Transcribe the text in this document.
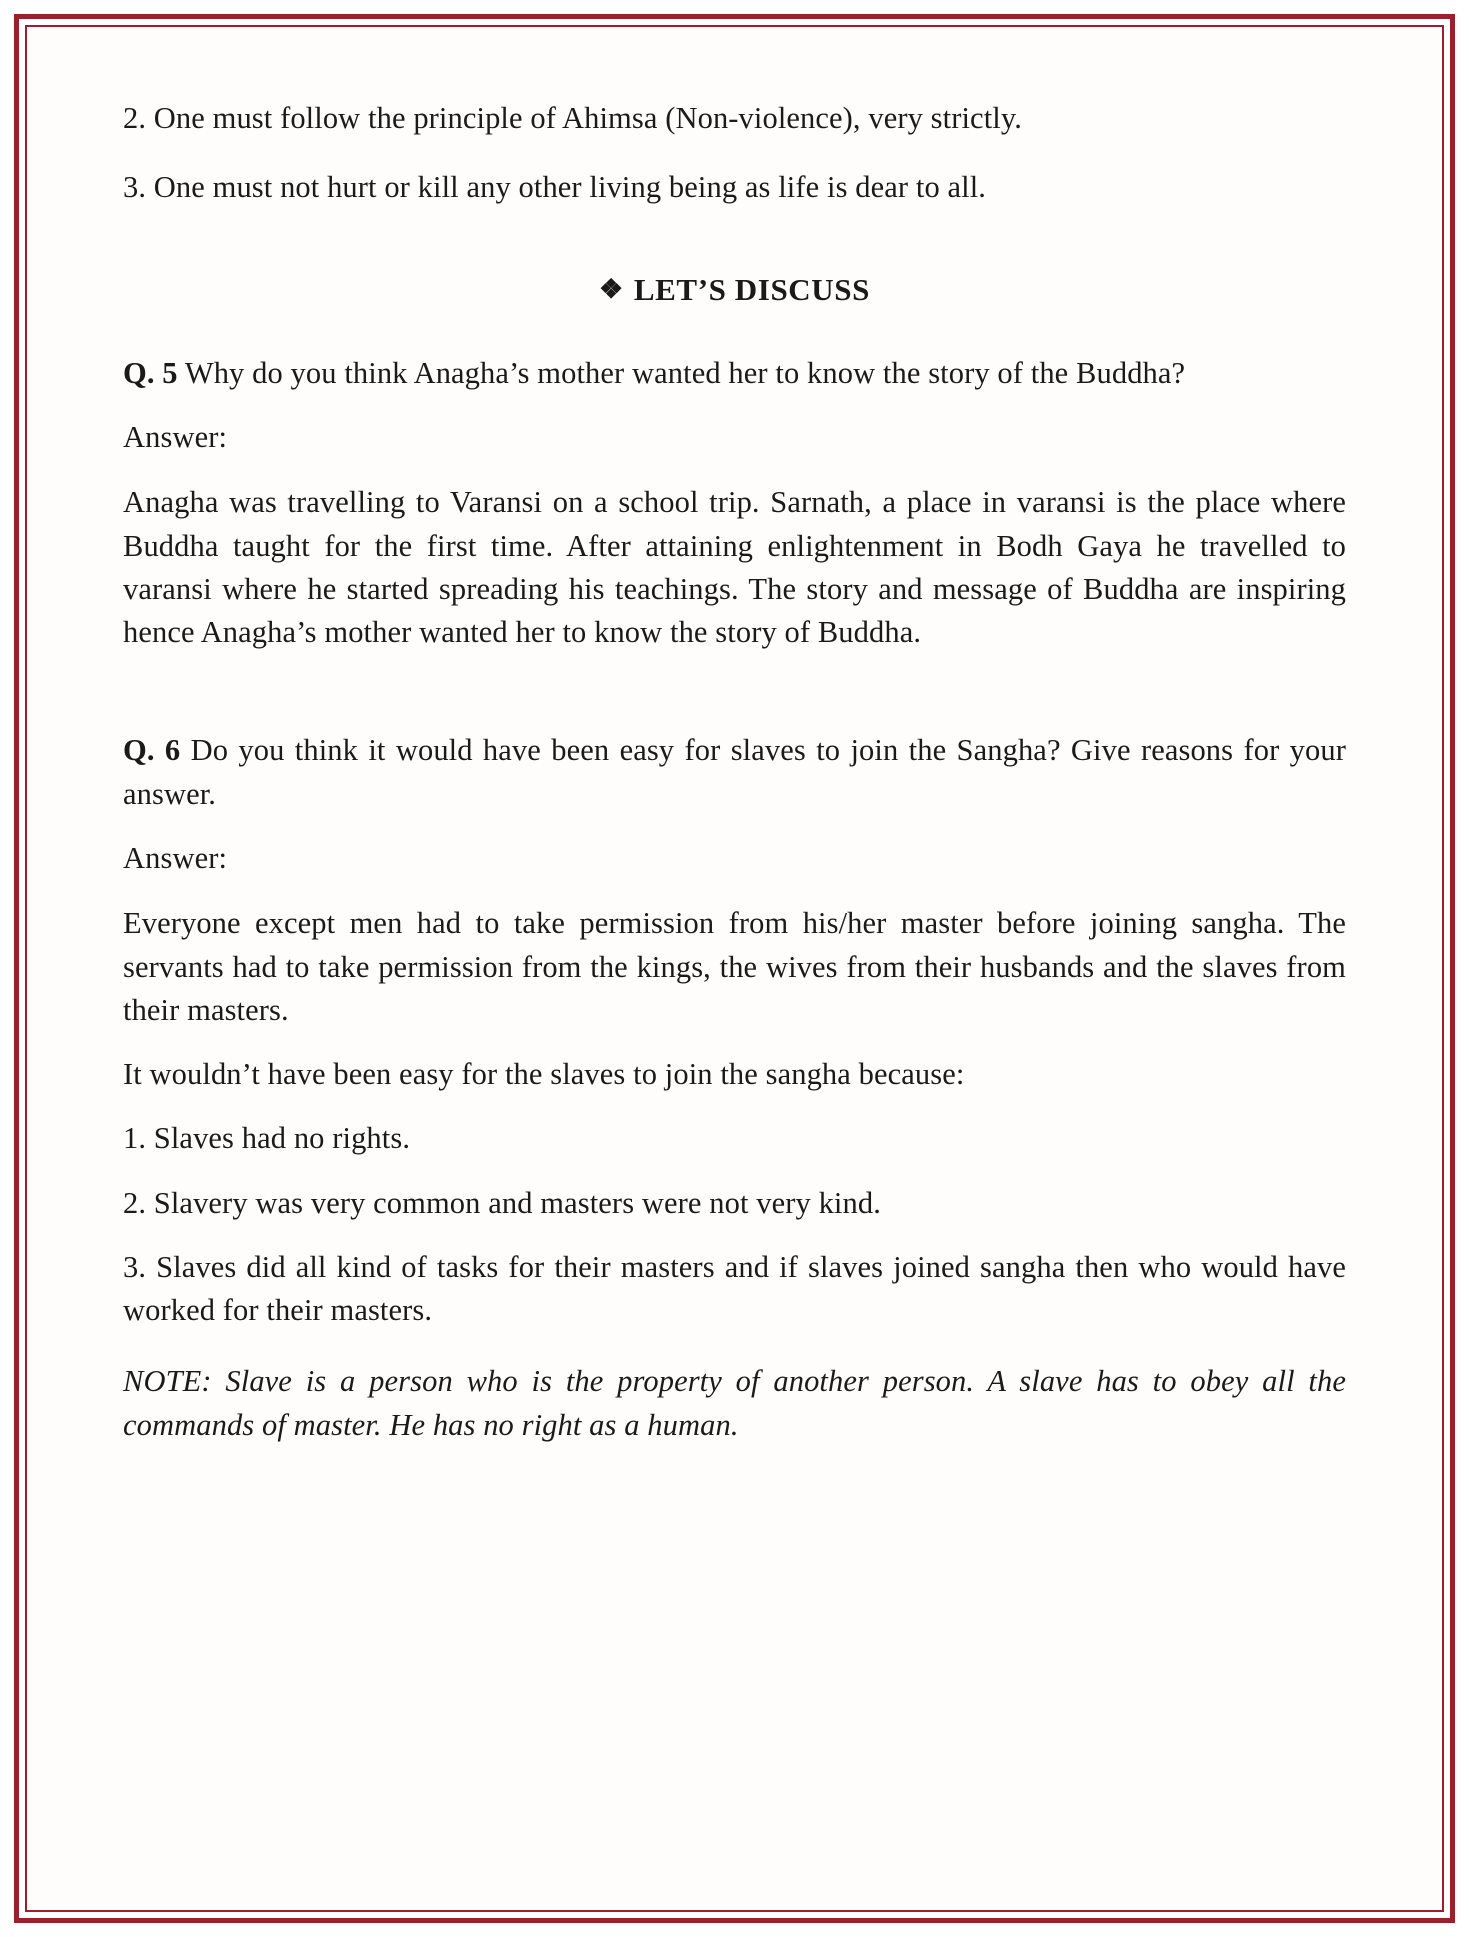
2. One must follow the principle of Ahimsa (Non-violence), very strictly.

3. One must not hurt or kill any other living being as life is dear to all.

❖ LET’S DISCUSS

Q. 5 Why do you think Anagha’s mother wanted her to know the story of the Buddha?

Answer:

Anagha was travelling to Varansi on a school trip. Sarnath, a place in varansi is the place where Buddha taught for the first time. After attaining enlightenment in Bodh Gaya he travelled to varansi where he started spreading his teachings. The story and message of Buddha are inspiring hence Anagha’s mother wanted her to know the story of Buddha.

Q. 6 Do you think it would have been easy for slaves to join the Sangha? Give reasons for your answer.

Answer:

Everyone except men had to take permission from his/her master before joining sangha. The servants had to take permission from the kings, the wives from their husbands and the slaves from their masters.

It wouldn’t have been easy for the slaves to join the sangha because:

1. Slaves had no rights.

2. Slavery was very common and masters were not very kind.

3. Slaves did all kind of tasks for their masters and if slaves joined sangha then who would have worked for their masters.

NOTE: Slave is a person who is the property of another person. A slave has to obey all the commands of master. He has no right as a human.
